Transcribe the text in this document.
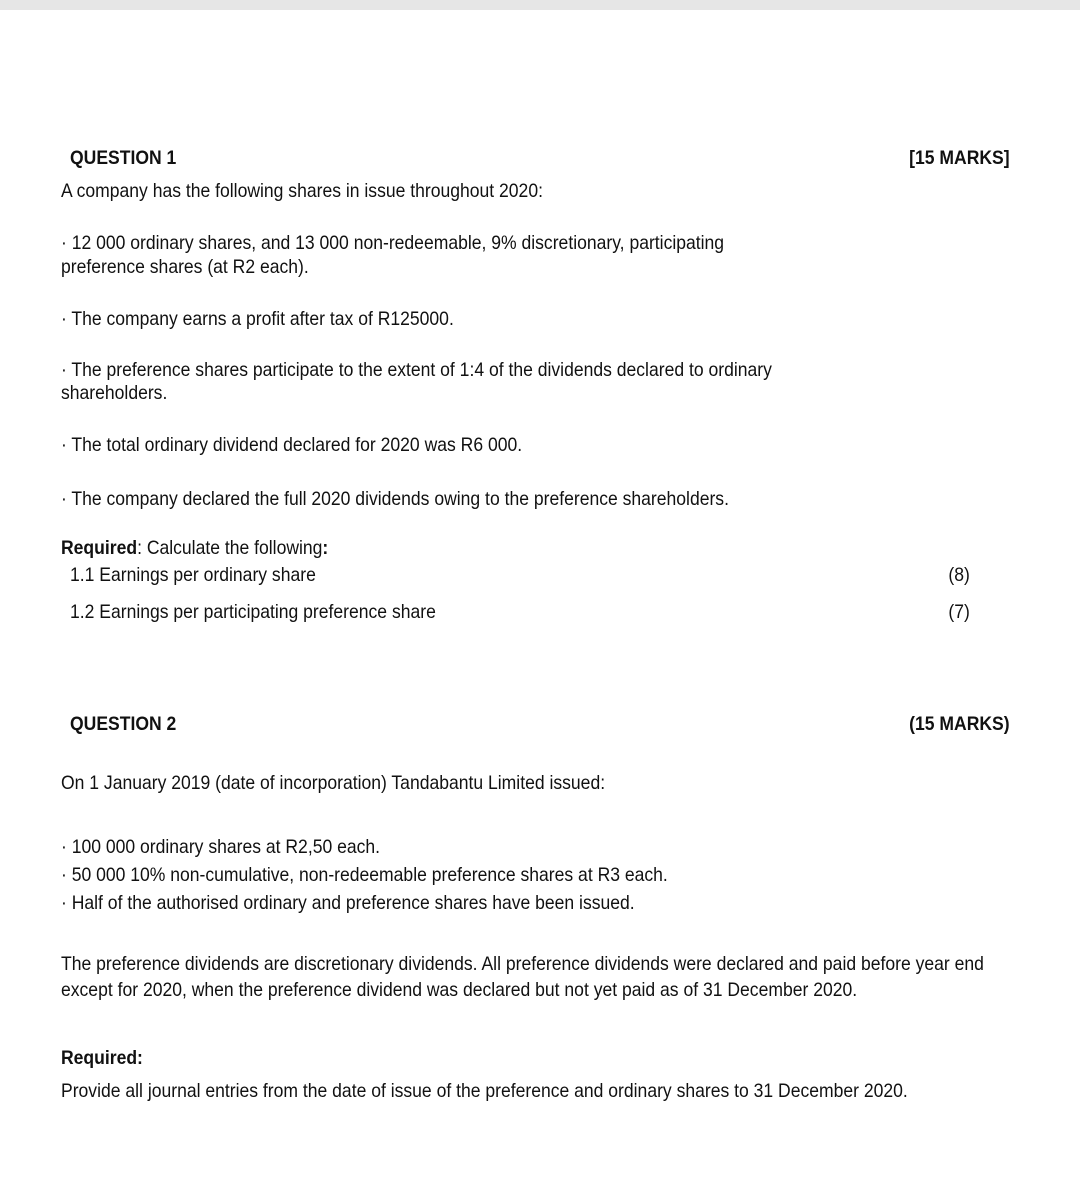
QUESTION 1	[15 MARKS]
A company has the following shares in issue throughout 2020:
· 12 000 ordinary shares, and 13 000 non-redeemable, 9% discretionary, participating
preference shares (at R2 each).
· The company earns a profit after tax of R125000.
· The preference shares participate to the extent of 1:4 of the dividends declared to ordinary
shareholders.
· The total ordinary dividend declared for 2020 was R6 000.
· The company declared the full 2020 dividends owing to the preference shareholders.
Required: Calculate the following:
1.1 Earnings per ordinary share	(8)
1.2 Earnings per participating preference share	(7)
QUESTION 2	(15 MARKS)
On 1 January 2019 (date of incorporation) Tandabantu Limited issued:
· 100 000 ordinary shares at R2,50 each.
· 50 000 10% non-cumulative, non-redeemable preference shares at R3 each.
· Half of the authorised ordinary and preference shares have been issued.
The preference dividends are discretionary dividends. All preference dividends were declared and paid before year end
except for 2020, when the preference dividend was declared but not yet paid as of 31 December 2020.
Required:
Provide all journal entries from the date of issue of the preference and ordinary shares to 31 December 2020.
